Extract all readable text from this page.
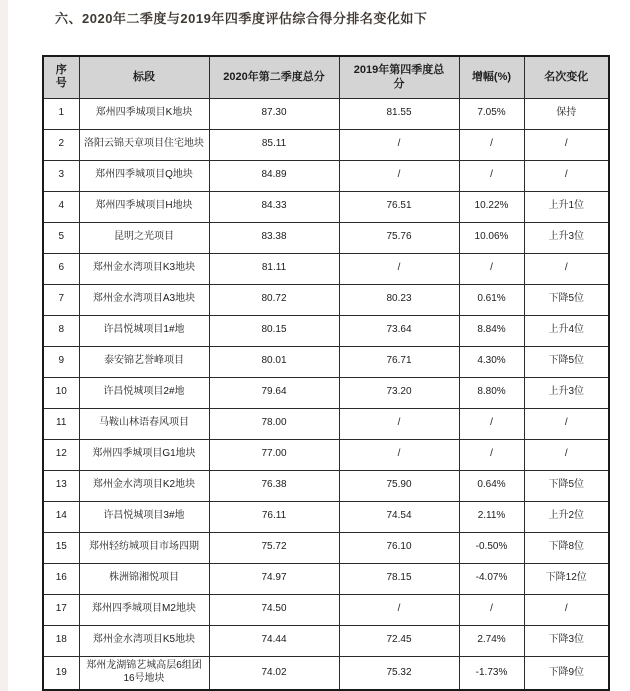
六、2020年二季度与2019年四季度评估综合得分排名变化如下
序号	标段	2020年第二季度总分	2019年第四季度总分	增幅(%)	名次变化
1	郑州四季城项目K地块	87.30	81.55	7.05%	保持
2	洛阳云锦天章项目住宅地块	85.11	/	/	/
3	郑州四季城项目Q地块	84.89	/	/	/
4	郑州四季城项目H地块	84.33	76.51	10.22%	上升1位
5	昆明之光项目	83.38	75.76	10.06%	上升3位
6	郑州金水湾项目K3地块	81.11	/	/	/
7	郑州金水湾项目A3地块	80.72	80.23	0.61%	下降5位
8	许昌悦城项目1#地	80.15	73.64	8.84%	上升4位
9	泰安锦艺誉峰项目	80.01	76.71	4.30%	下降5位
10	许昌悦城项目2#地	79.64	73.20	8.80%	上升3位
11	马鞍山林语春风项目	78.00	/	/	/
12	郑州四季城项目G1地块	77.00	/	/	/
13	郑州金水湾项目K2地块	76.38	75.90	0.64%	下降5位
14	许昌悦城项目3#地	76.11	74.54	2.11%	上升2位
15	郑州轻纺城项目市场四期	75.72	76.10	-0.50%	下降8位
16	株洲锦湘悦项目	74.97	78.15	-4.07%	下降12位
17	郑州四季城项目M2地块	74.50	/	/	/
18	郑州金水湾项目K5地块	74.44	72.45	2.74%	下降3位
19	郑州龙湖锦艺城高层6组团16号地块	74.02	75.32	-1.73%	下降9位
